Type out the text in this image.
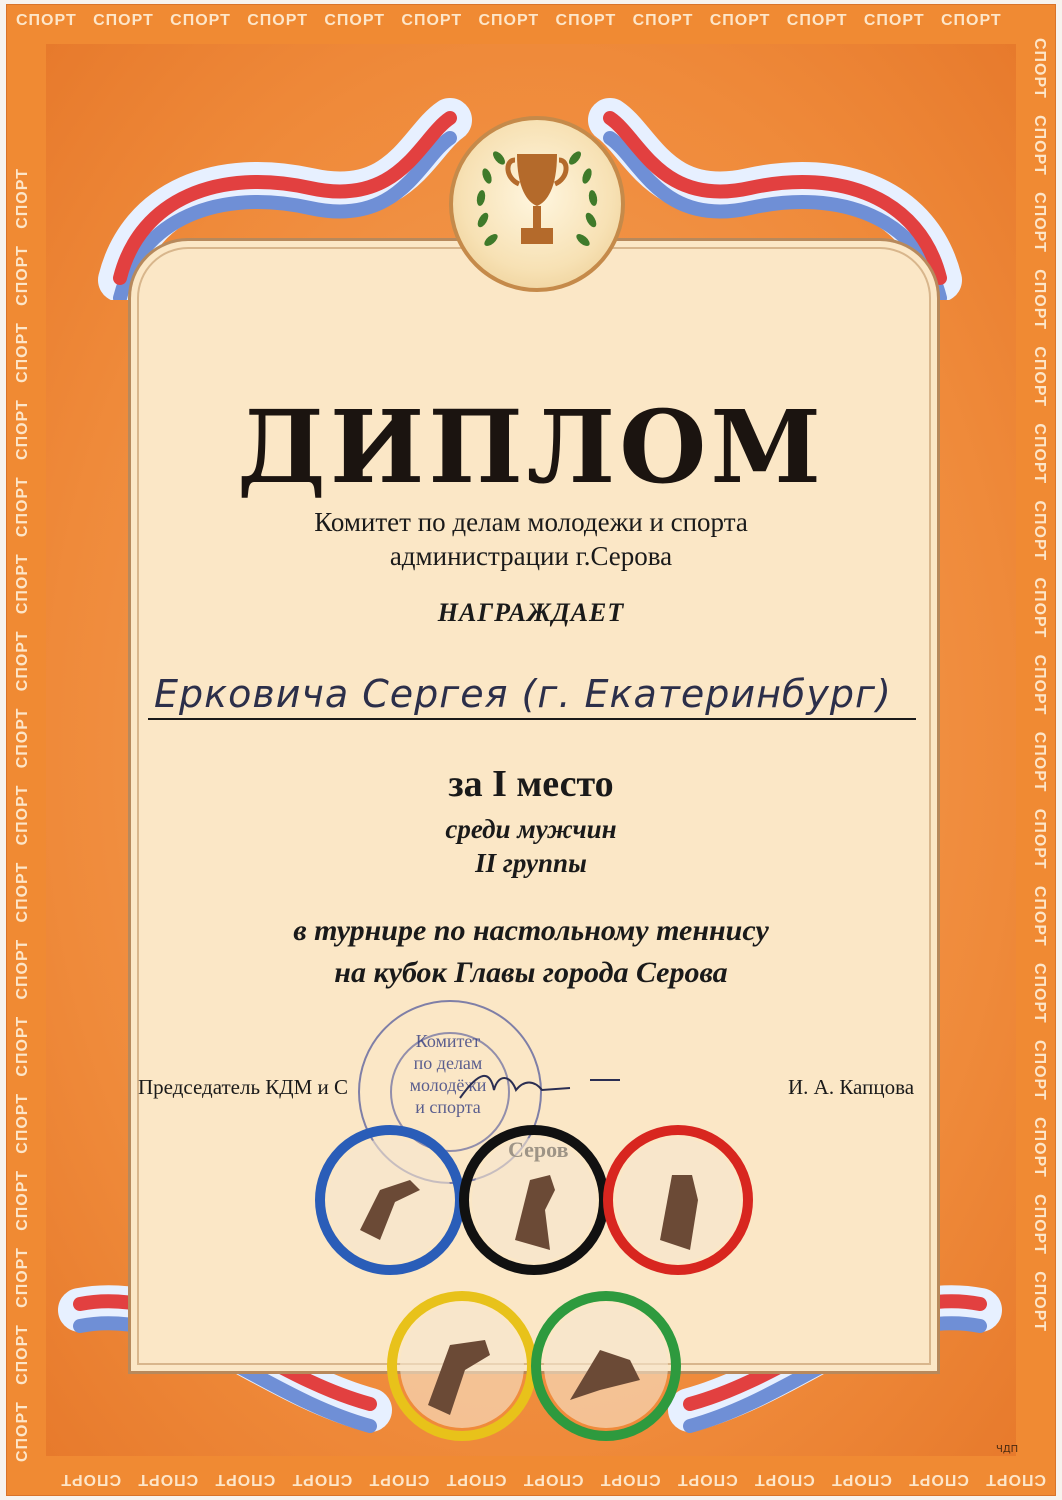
СПОРТ СПОРТ СПОРТ СПОРТ СПОРТ СПОРТ СПОРТ СПОРТ СПОРТ СПОРТ СПОРТ СПОРТ СПОРТ
СПОРТ   СПОРТ   СПОРТ   СПОРТ   СПОРТ   СПОРТ   СПОРТ   СПОРТ   СПОРТ   СПОРТ   СПОРТ   СПОРТ   СПОРТ
СПОРТ   СПОРТ   СПОРТ   СПОРТ   СПОРТ   СПОРТ   СПОРТ   СПОРТ   СПОРТ   СПОРТ   СПОРТ   СПОРТ   СПОРТ   СПОРТ   СПОРТ   СПОРТ   СПОРТ
СПОРТ   СПОРТ   СПОРТ   СПОРТ   СПОРТ   СПОРТ   СПОРТ   СПОРТ   СПОРТ   СПОРТ   СПОРТ   СПОРТ   СПОРТ   СПОРТ   СПОРТ   СПОРТ   СПОРТ
ДИПЛОМ
Комитет по делам молодежи и спорта
администрации г.Серова
НАГРАЖДАЕТ
Ерковича Сергея (г. Екатеринбург)
за I место
среди мужчин
II группы
в турнире по настольному теннису
на кубок Главы города Серова
Комитет
по делам
молодёжи
и спорта
Председатель КДМ и С	И. А. Капцова
ЧДП
